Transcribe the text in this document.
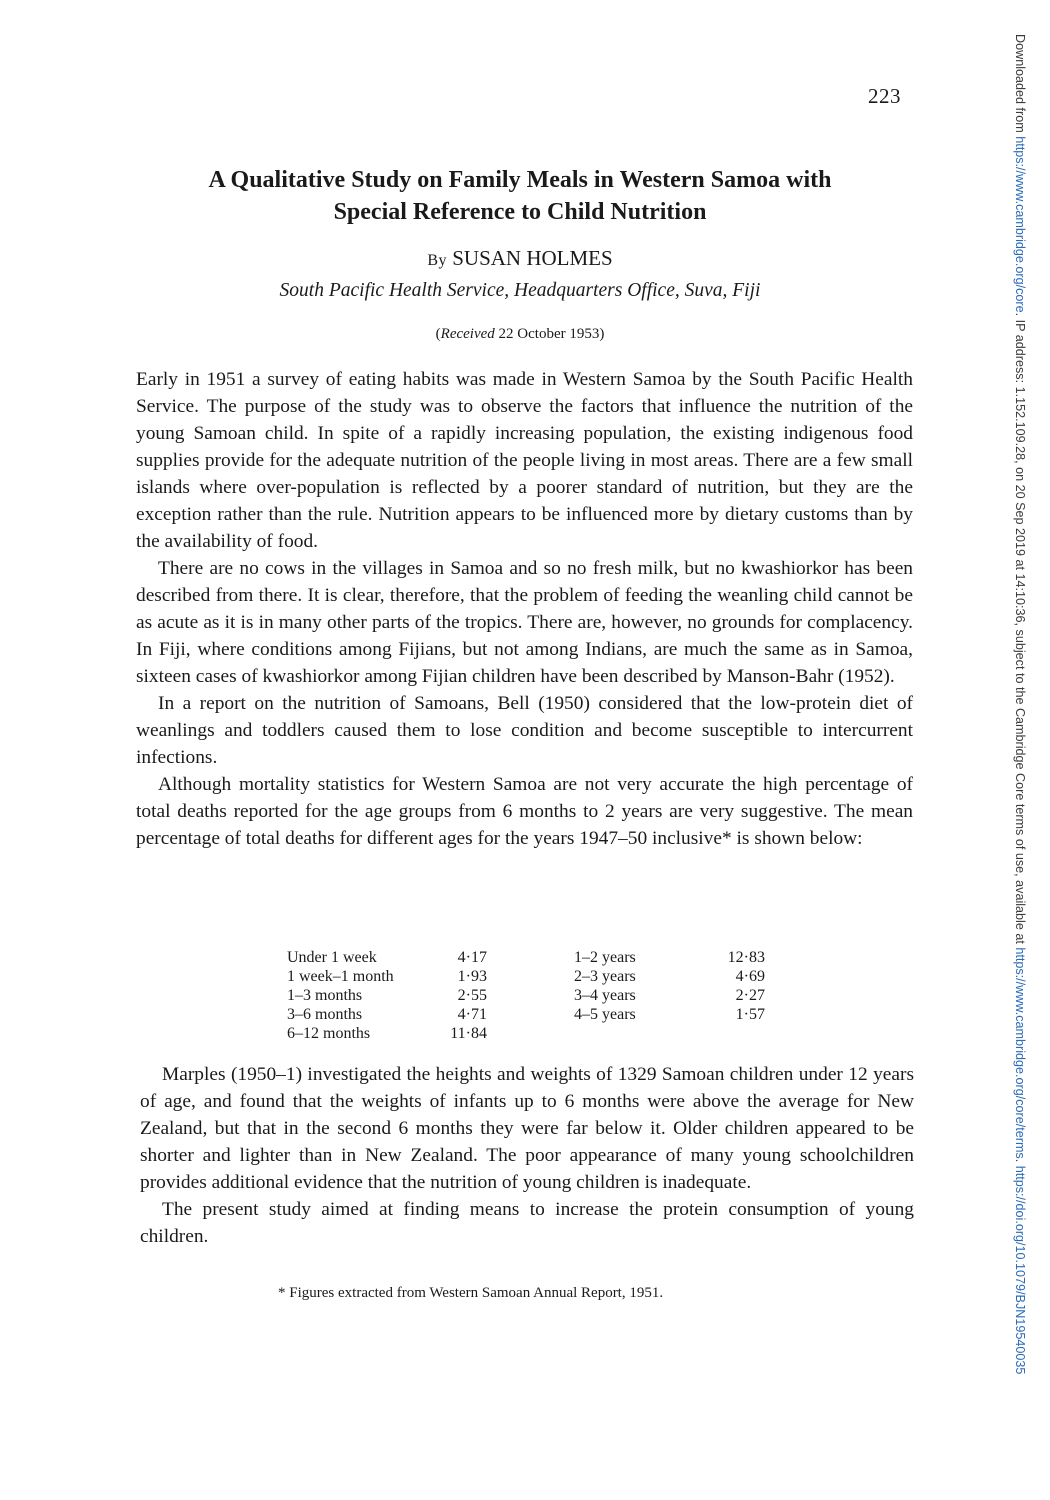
223
A Qualitative Study on Family Meals in Western Samoa with
Special Reference to Child Nutrition
By SUSAN HOLMES
South Pacific Health Service, Headquarters Office, Suva, Fiji
(Received 22 October 1953)

Early in 1951 a survey of eating habits was made in Western Samoa by the South Pacific Health Service. The purpose of the study was to observe the factors that influence the nutrition of the young Samoan child. In spite of a rapidly increasing population, the existing indigenous food supplies provide for the adequate nutrition of the people living in most areas. There are a few small islands where over-population is reflected by a poorer standard of nutrition, but they are the exception rather than the rule. Nutrition appears to be influenced more by dietary customs than by the availability of food.

There are no cows in the villages in Samoa and so no fresh milk, but no kwashiorkor has been described from there. It is clear, therefore, that the problem of feeding the weanling child cannot be as acute as it is in many other parts of the tropics. There are, however, no grounds for complacency. In Fiji, where conditions among Fijians, but not among Indians, are much the same as in Samoa, sixteen cases of kwashiorkor among Fijian children have been described by Manson-Bahr (1952).

In a report on the nutrition of Samoans, Bell (1950) considered that the low-protein diet of weanlings and toddlers caused them to lose condition and become susceptible to intercurrent infections.

Although mortality statistics for Western Samoa are not very accurate the high percentage of total deaths reported for the age groups from 6 months to 2 years are very suggestive. The mean percentage of total deaths for different ages for the years 1947–50 inclusive* is shown below:

Under 1 week	4·17	1–2 years	12·83
1 week–1 month	1·93	2–3 years	4·69
1–3 months	2·55	3–4 years	2·27
3–6 months	4·71	4–5 years	1·57
6–12 months	11·84

Marples (1950–1) investigated the heights and weights of 1329 Samoan children under 12 years of age, and found that the weights of infants up to 6 months were above the average for New Zealand, but that in the second 6 months they were far below it. Older children appeared to be shorter and lighter than in New Zealand. The poor appearance of many young schoolchildren provides additional evidence that the nutrition of young children is inadequate.

The present study aimed at finding means to increase the protein consumption of young children.

* Figures extracted from Western Samoan Annual Report, 1951.
Downloaded from https://www.cambridge.org/core. IP address: 1.152.109.28, on 20 Sep 2019 at 14:10:36, subject to the Cambridge Core terms of use, available at https://www.cambridge.org/core/terms. https://doi.org/10.1079/BJN19540035
